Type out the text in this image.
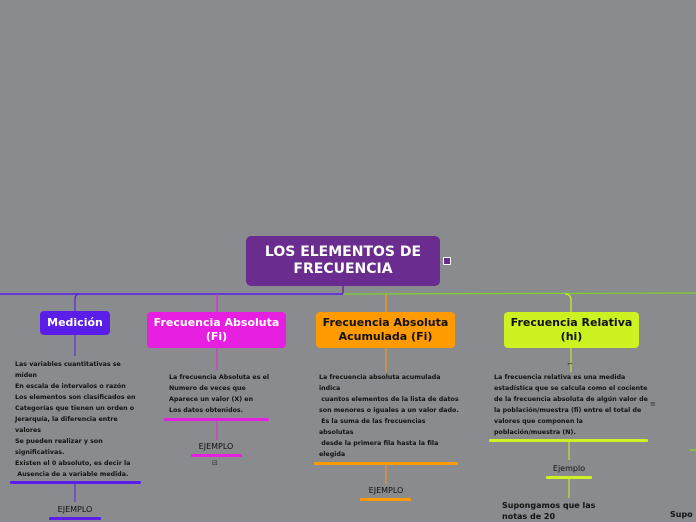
LOS ELEMENTOS DE
FRECUENCIA
Medición
Las variables cuantitativas se
miden
En escala de intervalos o razón
Los elementos son clasificados en
Categorías que tienen un orden o
Jerarquía, la diferencia entre
valores
Se pueden realizar y son
significativas.
Existen el 0 absoluto, es decir la
Ausencia de a variable medida.
EJEMPLO
Frecuencia Absoluta
(Fi)
La frecuencia Absoluta es el
Numero de veces que
Aparece un valor (X) en
Los datos obtenidos.
EJEMPLO
⊟
Frecuencia Absoluta
Acumulada (Fi)
La frecuencia absoluta acumulada
indica
cuantos elementos de la lista de datos
son menores o iguales a un valor dado.
Es la suma de las frecuencias
absolutas
desde la primera fila hasta la fila
elegida
EJEMPLO
Frecuencia Relativa
(hi)
⌐
La frecuencia relativa es una medida
estadística que se calcula como el cociente
de la frecuencia absoluta de algún valor de
la población/muestra (fi) entre el total de
valores que componen la
población/muestra (N).
≡
Ejemplo
Supongamos que las
notas de 20	Supo
